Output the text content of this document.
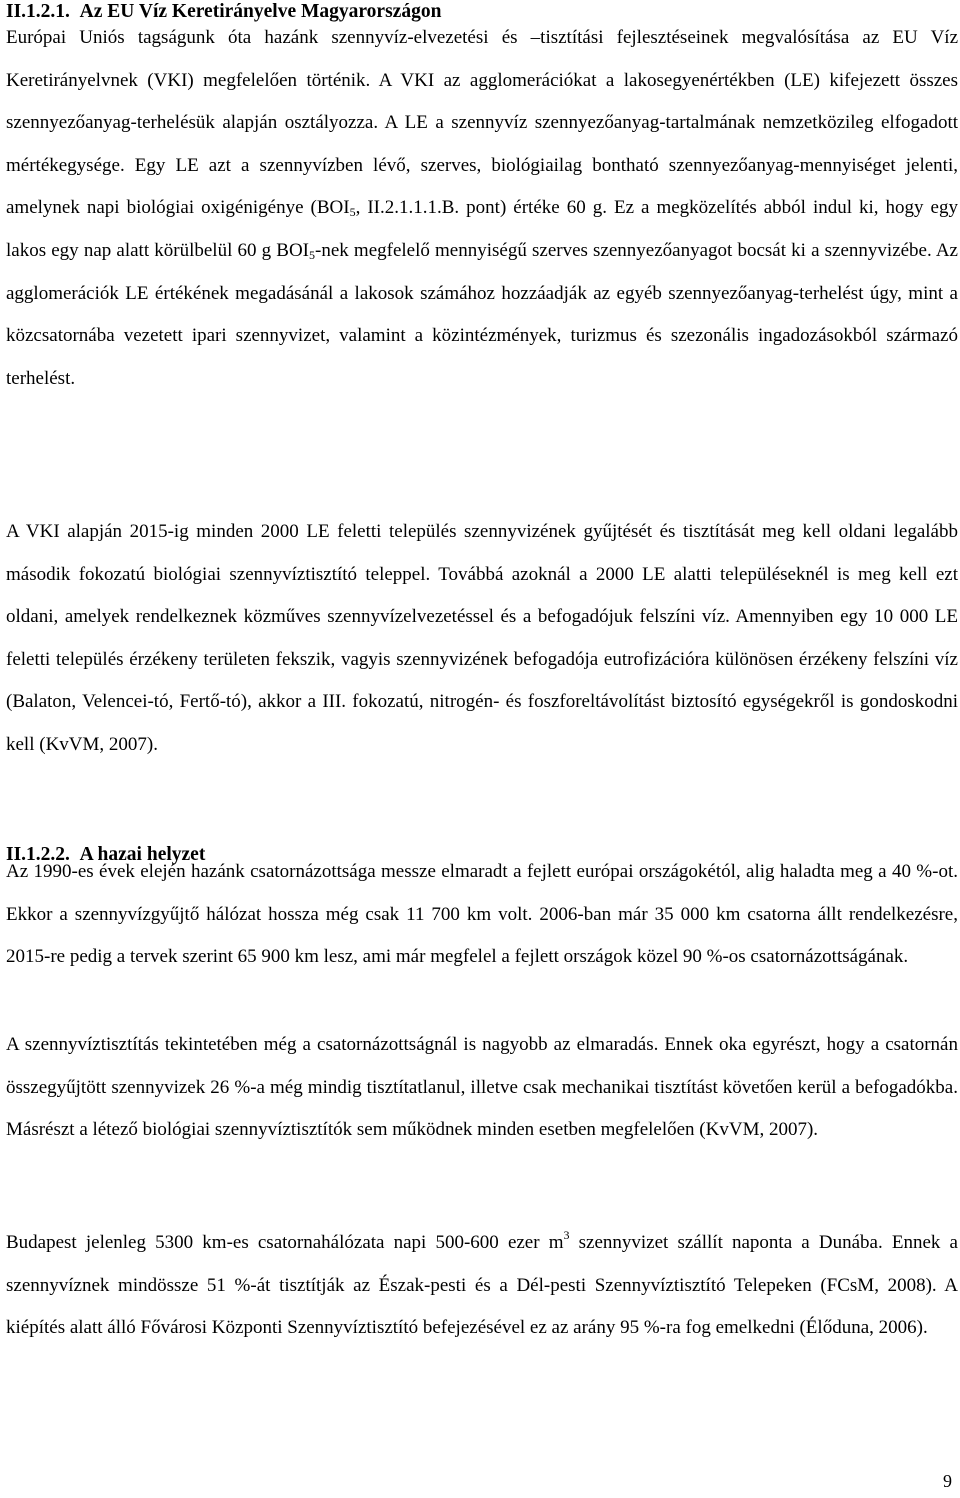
II.1.2.1.  Az EU Víz Keretirányelve Magyarországon

Európai Uniós tagságunk óta hazánk szennyvíz-elvezetési és –tisztítási fejlesztéseinek megvalósítása az EU Víz Keretirányelvnek (VKI) megfelelően történik. A VKI az agglomerációkat a lakosegyenértékben (LE) kifejezett összes szennyezőanyag-terhelésük alapján osztályozza. A LE a szennyvíz szennyezőanyag-tartalmának nemzetközileg elfogadott mértékegysége. Egy LE azt a szennyvízben lévő, szerves, biológiailag bontható szennyezőanyag-mennyiséget jelenti, amelynek napi biológiai oxigénigénye ($BOI_5$, II.2.1.1.1.B. pont) értéke 60 g. Ez a megközelítés abból indul ki, hogy egy lakos egy nap alatt körülbelül 60 g $BOI_5$-nek megfelelő mennyiségű szerves szennyezőanyagot bocsát ki a szennyvizébe. Az agglomerációk LE értékének megadásánál a lakosok számához hozzáadják az egyéb szennyezőanyag-terhelést úgy, mint a közcsatornába vezetett ipari szennyvizet, valamint a közintézmények, turizmus és szezonális ingadozásokból származó terhelést.

A VKI alapján 2015-ig minden 2000 LE feletti település szennyvizének gyűjtését és tisztítását meg kell oldani legalább második fokozatú biológiai szennyvíztisztító teleppel. Továbbá azoknál a 2000 LE alatti településeknél is meg kell ezt oldani, amelyek rendelkeznek közműves szennyvízelvezetéssel és a befogadójuk felszíni víz. Amennyiben egy 10 000 LE feletti település érzékeny területen fekszik, vagyis szennyvizének befogadója eutrofizációra különösen érzékeny felszíni víz (Balaton, Velencei-tó, Fertő-tó), akkor a III. fokozatú, nitrogén- és foszforeltávolítást biztosító egységekről is gondoskodni kell (KvVM, 2007).

II.1.2.2.  A hazai helyzet

Az 1990-es évek elején hazánk csatornázottsága messze elmaradt a fejlett európai országokétól, alig haladta meg a 40 %-ot. Ekkor a szennyvízgyűjtő hálózat hossza még csak 11 700 km volt. 2006-ban már 35 000 km csatorna állt rendelkezésre, 2015-re pedig a tervek szerint 65 900 km lesz, ami már megfelel a fejlett országok közel 90 %-os csatornázottságának.

A szennyvíztisztítás tekintetében még a csatornázottságnál is nagyobb az elmaradás. Ennek oka egyrészt, hogy a csatornán összegyűjtött szennyvizek 26 %-a még mindig tisztítatlanul, illetve csak mechanikai tisztítást követően kerül a befogadókba. Másrészt a létező biológiai szennyvíztisztítók sem működnek minden esetben megfelelően (KvVM, 2007).

Budapest jelenleg 5300 km-es csatornahálózata napi 500-600 ezer $m^3$ szennyvizet szállít naponta a Dunába. Ennek a szennyvíznek mindössze 51 %-át tisztítják az Észak-pesti és a Dél-pesti Szennyvíztisztító Telepeken (FCsM, 2008). A kiépítés alatt álló Fővárosi Központi Szennyvíztisztító befejezésével ez az arány 95 %-ra fog emelkedni (Élődunа, 2006).

9
